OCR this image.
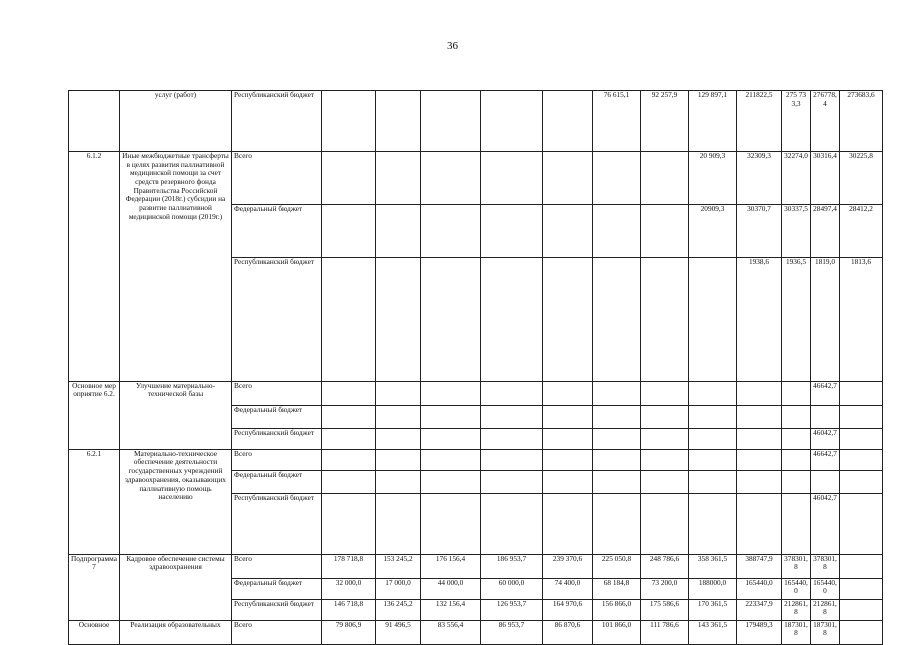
36
	услуг (работ)	Республиканский бюджет						76 615,1	92 257,9	129 897,1	211822,5	275 733,3	276778,4	273683,6	
6.1.2	Иные межбюджетные трансферты в целях развития паллиативной медицинской помощи за счет средств резервного фонда Правительства Российской Федерации (2018г.) субсидии на развитие паллиативной медицинской помощи (2019г.)	Всего								20 909,3	32309,3	32274,0	30316,4	30225,8	
		Федеральный бюджет								20909,3	30370,7	30337,5	28497,4	28412,2	
		Республиканский бюджет									1938,6	1936,5	1819,0	1813,6	
Основное мероприятие 6.2.	Улучшение материально-технической базы	Всего											46642,7		
		Федеральный бюджет													
		Республиканский бюджет											46042,7		
6.2.1	Материально-техническое обеспечение деятельности государственных учреждений здравоохранения, оказывающих паллиативную помощь населению	Всего											46642,7		
		Федеральный бюджет													
		Республиканский бюджет											46042,7		
Подпрограмма 7	Кадровое обеспечение системы здравоохранения	Всего	178 718,8	153 245,2	176 156,4	186 953,7	239 370,6	225 050,8	248 786,6	358 361,5	388747,9	378301,8	378301,8		
		Федеральный бюджет	32 000,0	17 000,0	44 000,0	60 000,0	74 400,0	68 184,8	73 200,0	188000,0	165440,0	165440,0	165440,0		
		Республиканский бюджет	146 718,8	136 245,2	132 156,4	126 953,7	164 970,6	156 866,0	175 586,6	170 361,5	223347,9	212861,8	212861,8		
Основное	Реализация образовательных	Всего	79 806,9	91 496,5	83 556,4	86 953,7	86 870,6	101 866,0	111 786,6	143 361,5	179489,3	187301,8	187301,8		
